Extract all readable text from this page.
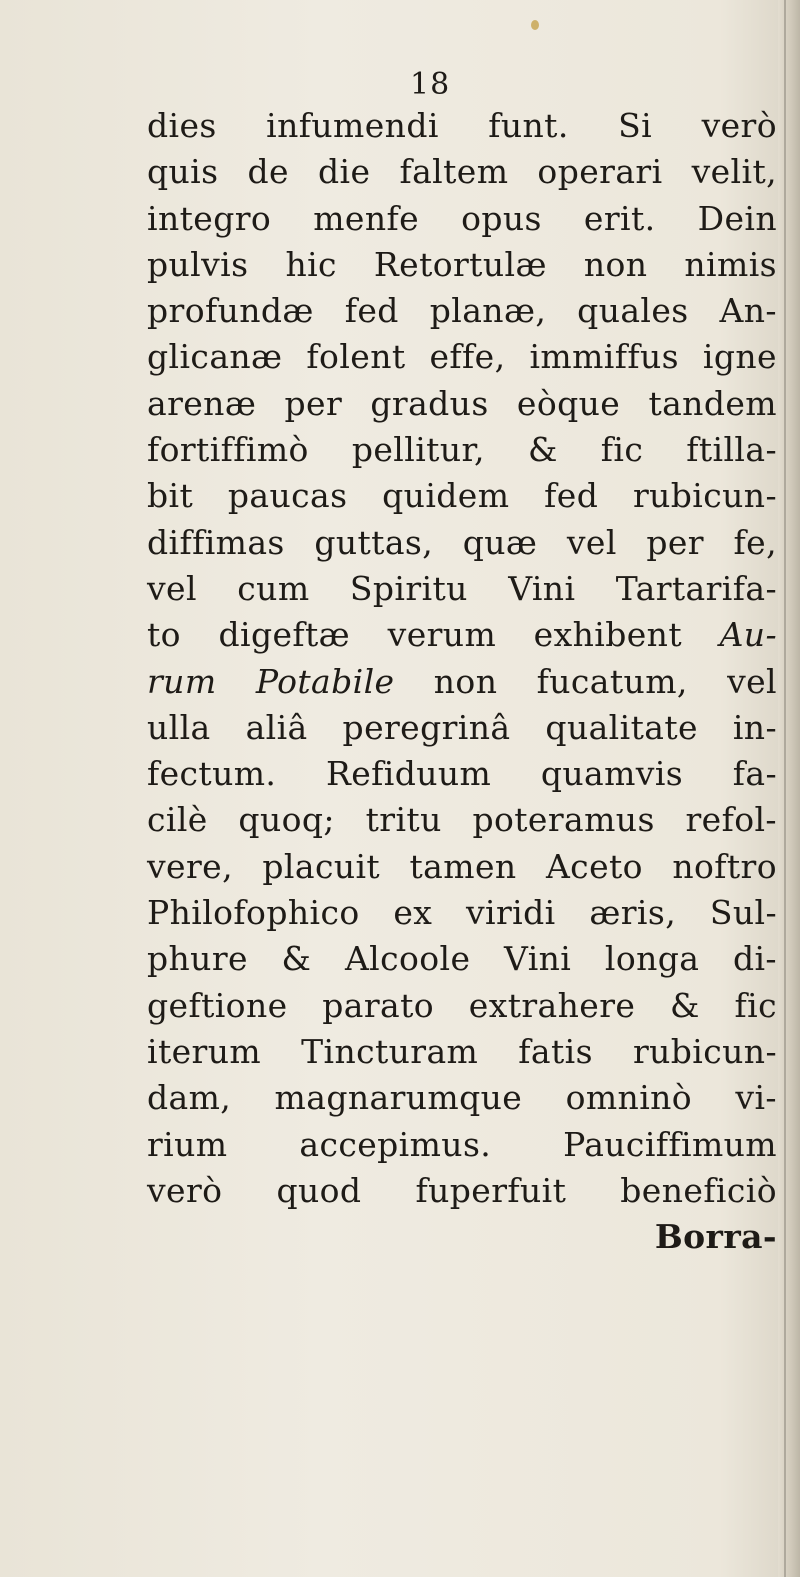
18
dies infumendi funt. Si verò
quis de die faltem operari velit,
integro menfe opus erit. Dein
pulvis hic Retortulæ non nimis
profundæ fed planæ, quales An-
glicanæ folent effe, immiffus igne
arenæ per gradus eòque tandem
fortiffimò pellitur, & fic ftilla-
bit paucas quidem fed rubicun-
diffimas guttas, quæ vel per fe,
vel cum Spiritu Vini Tartarifa-
to digeftæ verum exhibent Au-
rum Potabile non fucatum, vel
ulla aliâ peregrinâ qualitate in-
fectum. Refiduum quamvis fa-
cilè quoq; tritu poteramus refol-
vere, placuit tamen Aceto noftro
Philofophico ex viridi æris, Sul-
phure & Alcoole Vini longa di-
geftione parato extrahere & fic
iterum Tincturam fatis rubicun-
dam, magnarumque omninò vi-
rium accepimus. Pauciffimum
verò quod fuperfuit beneficiò
Borra-
